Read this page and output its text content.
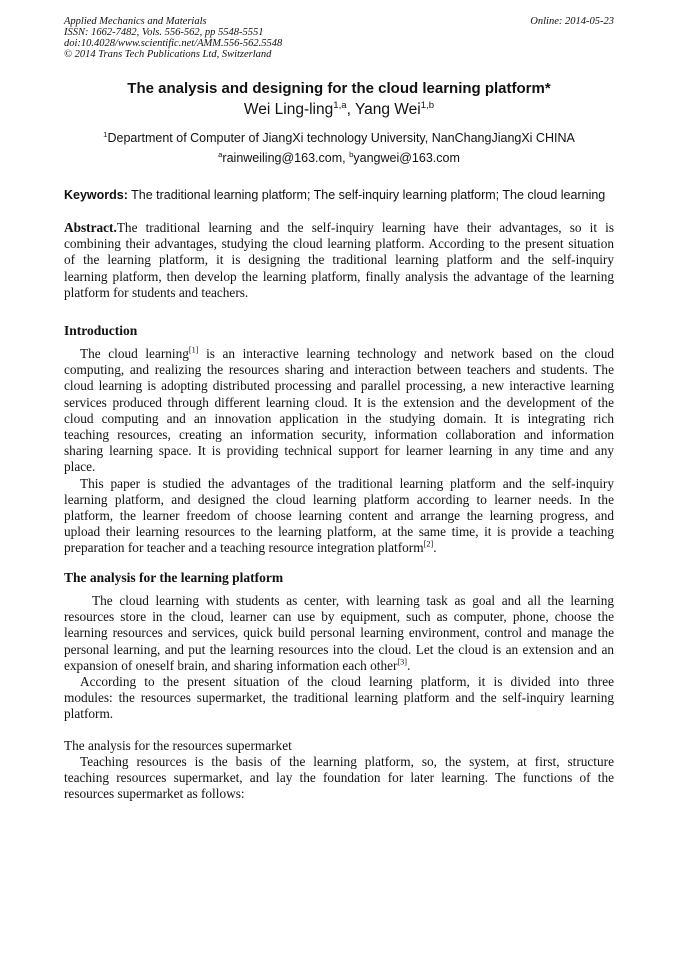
Applied Mechanics and Materials
ISSN: 1662-7482, Vols. 556-562, pp 5548-5551
doi:10.4028/www.scientific.net/AMM.556-562.5548
© 2014 Trans Tech Publications Ltd, Switzerland
Online: 2014-05-23
The analysis and designing for the cloud learning platform*
Wei Ling-ling$^{1,a}$, Yang Wei$^{1,b}$
$^1$Department of Computer of JiangXi technology University, NanChangJiangXi CHINA
$^a$rainweiling@163.com, $^b$yangwei@163.com
Keywords: The traditional learning platform; The self-inquiry learning platform; The cloud learning
Abstract.The traditional learning and the self-inquiry learning have their advantages, so it is
combining their advantages, studying the cloud learning platform. According to the present situation
of the learning platform, it is designing the traditional learning platform and the self-inquiry
learning platform, then develop the learning platform, finally analysis the advantage of the learning
platform for students and teachers.
Introduction
The cloud learning[1] is an interactive learning technology and network based on the cloud
computing, and realizing the resources sharing and interaction between teachers and students. The
cloud learning is adopting distributed processing and parallel processing, a new interactive learning
services produced through different learning cloud. It is the extension and the development of the
cloud computing and an innovation application in the studying domain. It is integrating rich
teaching resources, creating an information security, information collaboration and information
sharing learning space. It is providing technical support for learner learning in any time and any
place.
This paper is studied the advantages of the traditional learning platform and the self-inquiry
learning platform, and designed the cloud learning platform according to learner needs. In the
platform, the learner freedom of choose learning content and arrange the learning progress, and
upload their learning resources to the learning platform, at the same time, it is provide a teaching
preparation for teacher and a teaching resource integration platform[2].
The analysis for the learning platform
The cloud learning with students as center, with learning task as goal and all the learning
resources store in the cloud, learner can use by equipment, such as computer, phone, choose the
learning resources and services, quick build personal learning environment, control and manage the
personal learning, and put the learning resources into the cloud. Let the cloud is an extension and an
expansion of oneself brain, and sharing information each other[3].
According to the present situation of the cloud learning platform, it is divided into three
modules: the resources supermarket, the traditional learning platform and the self-inquiry learning
platform.
The analysis for the resources supermarket
Teaching resources is the basis of the learning platform, so, the system, at first, structure
teaching resources supermarket, and lay the foundation for later learning. The functions of the
resources supermarket as follows:
